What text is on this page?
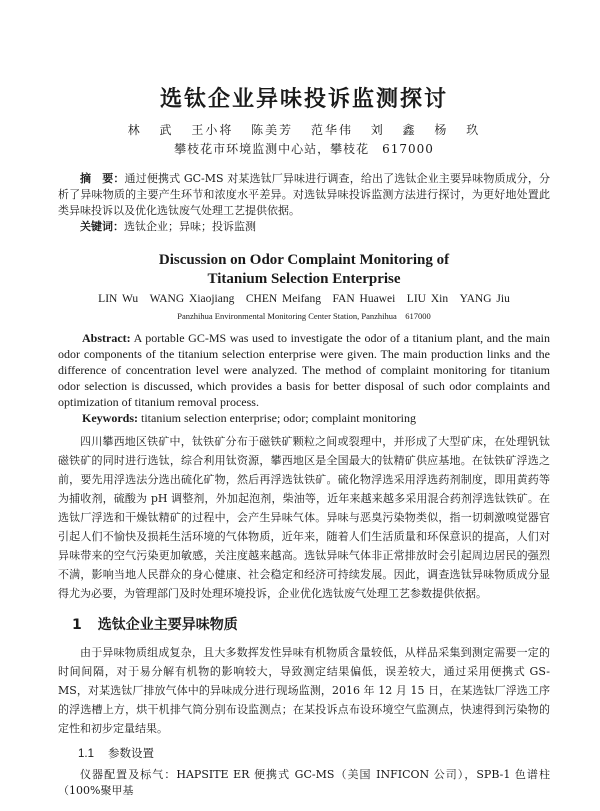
选钛企业异味投诉监测探讨
林 武 王小将 陈美芳 范华伟 刘 鑫 杨 玖
攀枝花市环境监测中心站，攀枝花　617000
摘　要：通过便携式 GC-MS 对某选钛厂异味进行调查，给出了选钛企业主要异味物质成分，分析了异味物质的主要产生环节和浓度水平差异。对选钛异味投诉监测方法进行探讨，为更好地处置此类异味投诉以及优化选钛废气处理工艺提供依据。
关键词：选钛企业；异味；投诉监测
Discussion on Odor Complaint Monitoring of
Titanium Selection Enterprise
LIN Wu　WANG Xiaojiang　CHEN Meifang　FAN Huawei　LIU Xin　YANG Jiu
Panzhihua Environmental Monitoring Center Station, Panzhihua　617000
Abstract: A portable GC-MS was used to investigate the odor of a titanium plant, and the main odor components of the titanium selection enterprise were given. The main production links and the difference of concentration level were analyzed. The method of complaint monitoring for titanium odor selection is discussed, which provides a basis for better disposal of such odor complaints and optimization of titanium removal process.
Keywords: titanium selection enterprise; odor; complaint monitoring
四川攀西地区铁矿中，钛铁矿分布于磁铁矿颗粒之间或裂理中，并形成了大型矿床，在处理钒钛磁铁矿的同时进行选钛，综合利用钛资源，攀西地区是全国最大的钛精矿供应基地。在钛铁矿浮选之前，要先用浮选法分选出硫化矿物，然后再浮选钛铁矿。硫化物浮选采用浮选药剂制度，即用黄药等为捕收剂，硫酸为 pH 调整剂，外加起泡剂，柴油等，近年来越来越多采用混合药剂浮选钛铁矿。在选钛厂浮选和干燥钛精矿的过程中，会产生异味气体。异味与恶臭污染物类似，指一切刺激嗅觉器官引起人们不愉快及损耗生活环境的气体物质，近年来，随着人们生活质量和环保意识的提高，人们对异味带来的空气污染更加敏感，关注度越来越高。选钛异味气体非正常排放时会引起周边居民的强烈不满，影响当地人民群众的身心健康、社会稳定和经济可持续发展。因此，调查选钛异味物质成分显得尤为必要，为管理部门及时处理环境投诉，企业优化选钛废气处理工艺参数提供依据。
1 选钛企业主要异味物质
由于异味物质组成复杂，且大多数挥发性异味有机物质含量较低，从样品采集到测定需要一定的时间间隔，对于易分解有机物的影响较大，导致测定结果偏低，误差较大，通过采用便携式 GS-MS，对某选钛厂排放气体中的异味成分进行现场监测，2016 年 12 月 15 日，在某选钛厂浮选工序的浮选槽上方，烘干机排气筒分别布设监测点；在某投诉点布设环境空气监测点，快速得到污染物的定性和初步定量结果。
1.1 参数设置
仪器配置及标气：HAPSITE ER 便携式 GC-MS（美国 INFICON 公司），SPB-1 色谱柱（100%聚甲基
